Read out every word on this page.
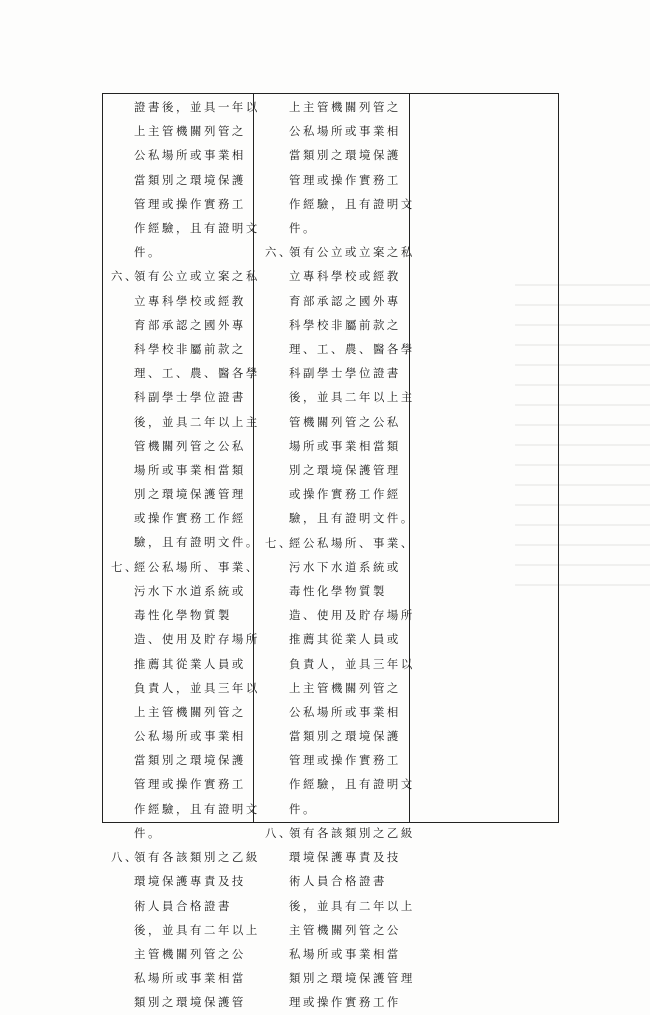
證書後，並具一年以
上主管機關列管之
公私場所或事業相
當類別之環境保護
管理或操作實務工
作經驗，且有證明文
件。
六、
領有公立或立案之私
立專科學校或經教
育部承認之國外專
科學校非屬前款之
理、工、農、醫各學
科副學士學位證書
後，並具二年以上主
管機關列管之公私
場所或事業相當類
別之環境保護管理
或操作實務工作經
驗，且有證明文件。
七、
經公私場所、事業、
污水下水道系統或
毒性化學物質製
造、使用及貯存場所
推薦其從業人員或
負責人，並具三年以
上主管機關列管之
公私場所或事業相
當類別之環境保護
管理或操作實務工
作經驗，且有證明文
件。
八、
領有各該類別之乙級
環境保護專責及技
術人員合格證書
後，並具有二年以上
主管機關列管之公
私場所或事業相當
類別之環境保護管
上主管機關列管之
公私場所或事業相
當類別之環境保護
管理或操作實務工
作經驗，且有證明文
件。
六、
領有公立或立案之私
立專科學校或經教
育部承認之國外專
科學校非屬前款之
理、工、農、醫各學
科副學士學位證書
後，並具二年以上主
管機關列管之公私
場所或事業相當類
別之環境保護管理
或操作實務工作經
驗，且有證明文件。
七、
經公私場所、事業、
污水下水道系統或
毒性化學物質製
造、使用及貯存場所
推薦其從業人員或
負責人，並具三年以
上主管機關列管之
公私場所或事業相
當類別之環境保護
管理或操作實務工
作經驗，且有證明文
件。
八、
領有各該類別之乙級
環境保護專責及技
術人員合格證書
後，並具有二年以上
主管機關列管之公
私場所或事業相當
類別之環境保護管理
理或操作實務工作
